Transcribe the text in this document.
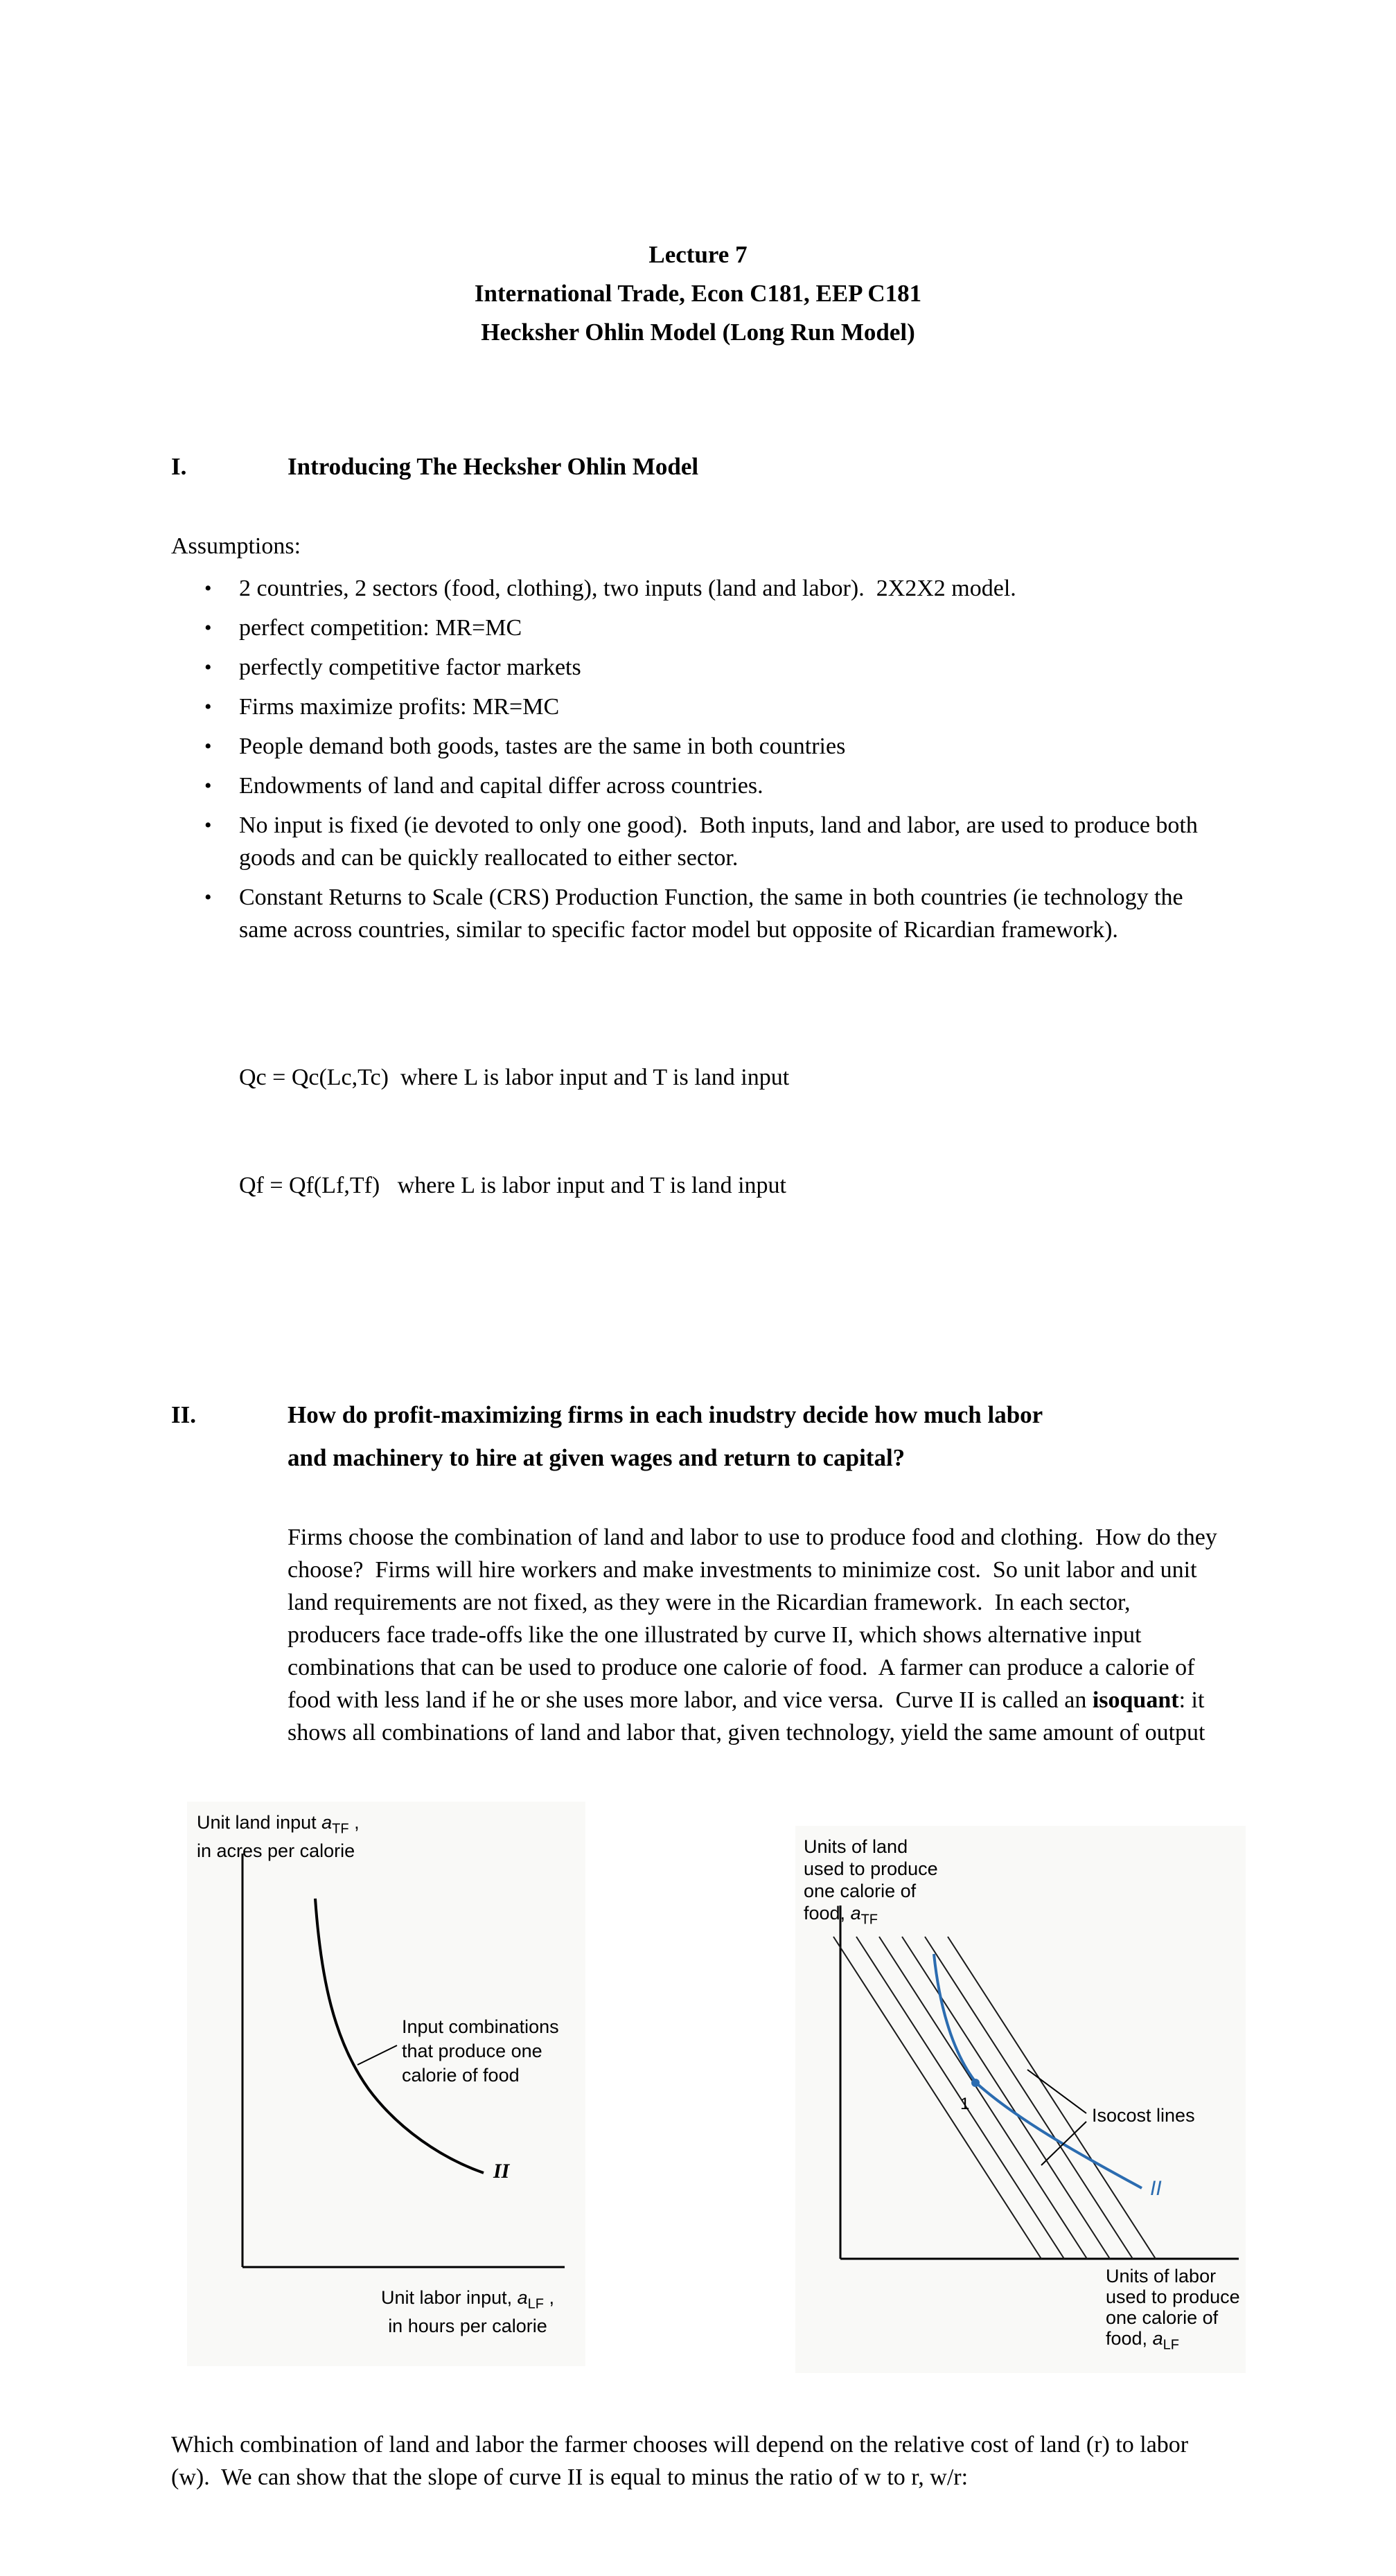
Lecture 7
International Trade, Econ C181, EEP C181
Hecksher Ohlin Model (Long Run Model)
I.	Introducing The Hecksher Ohlin Model
Assumptions:
•	2 countries, 2 sectors (food, clothing), two inputs (land and labor).  2X2X2 model.
•	perfect competition: MR=MC
•	perfectly competitive factor markets
•	Firms maximize profits: MR=MC
•	People demand both goods, tastes are the same in both countries
•	Endowments of land and capital differ across countries.
•	No input is fixed (ie devoted to only one good).  Both inputs, land and labor, are used to produce both goods and can be quickly reallocated to either sector.
•	Constant Returns to Scale (CRS) Production Function, the same in both countries (ie technology the same across countries, similar to specific factor model but opposite of Ricardian framework).

Qc = Qc(Lc,Tc)  where L is labor input and T is land input

Qf = Qf(Lf,Tf)   where L is labor input and T is land input

II.	How do profit-maximizing firms in each inudstry decide how much labor
and machinery to hire at given wages and return to capital?
Firms choose the combination of land and labor to use to produce food and clothing.  How do they choose?  Firms will hire workers and make investments to minimize cost.  So unit labor and unit land requirements are not fixed, as they were in the Ricardian framework.  In each sector, producers face trade-offs like the one illustrated by curve II, which shows alternative input combinations that can be used to produce one calorie of food.  A farmer can produce a calorie of food with less land if he or she uses more labor, and vice versa.  Curve II is called an isoquant: it shows all combinations of land and labor that, given technology, yield the same amount of output
Unit land input $a_{TF}$ ,
in acres per calorie
Input combinations
that produce one
calorie of food
II
Unit labor input, $a_{LF}$ ,
in hours per calorie
Units of land
used to produce
one calorie of
food, $a_{TF}$
Isocost lines
1
II
Units of labor
used to produce
one calorie of
food, $a_{LF}$
Which combination of land and labor the farmer chooses will depend on the relative cost of land (r) to labor (w).  We can show that the slope of curve II is equal to minus the ratio of w to r, w/r:
